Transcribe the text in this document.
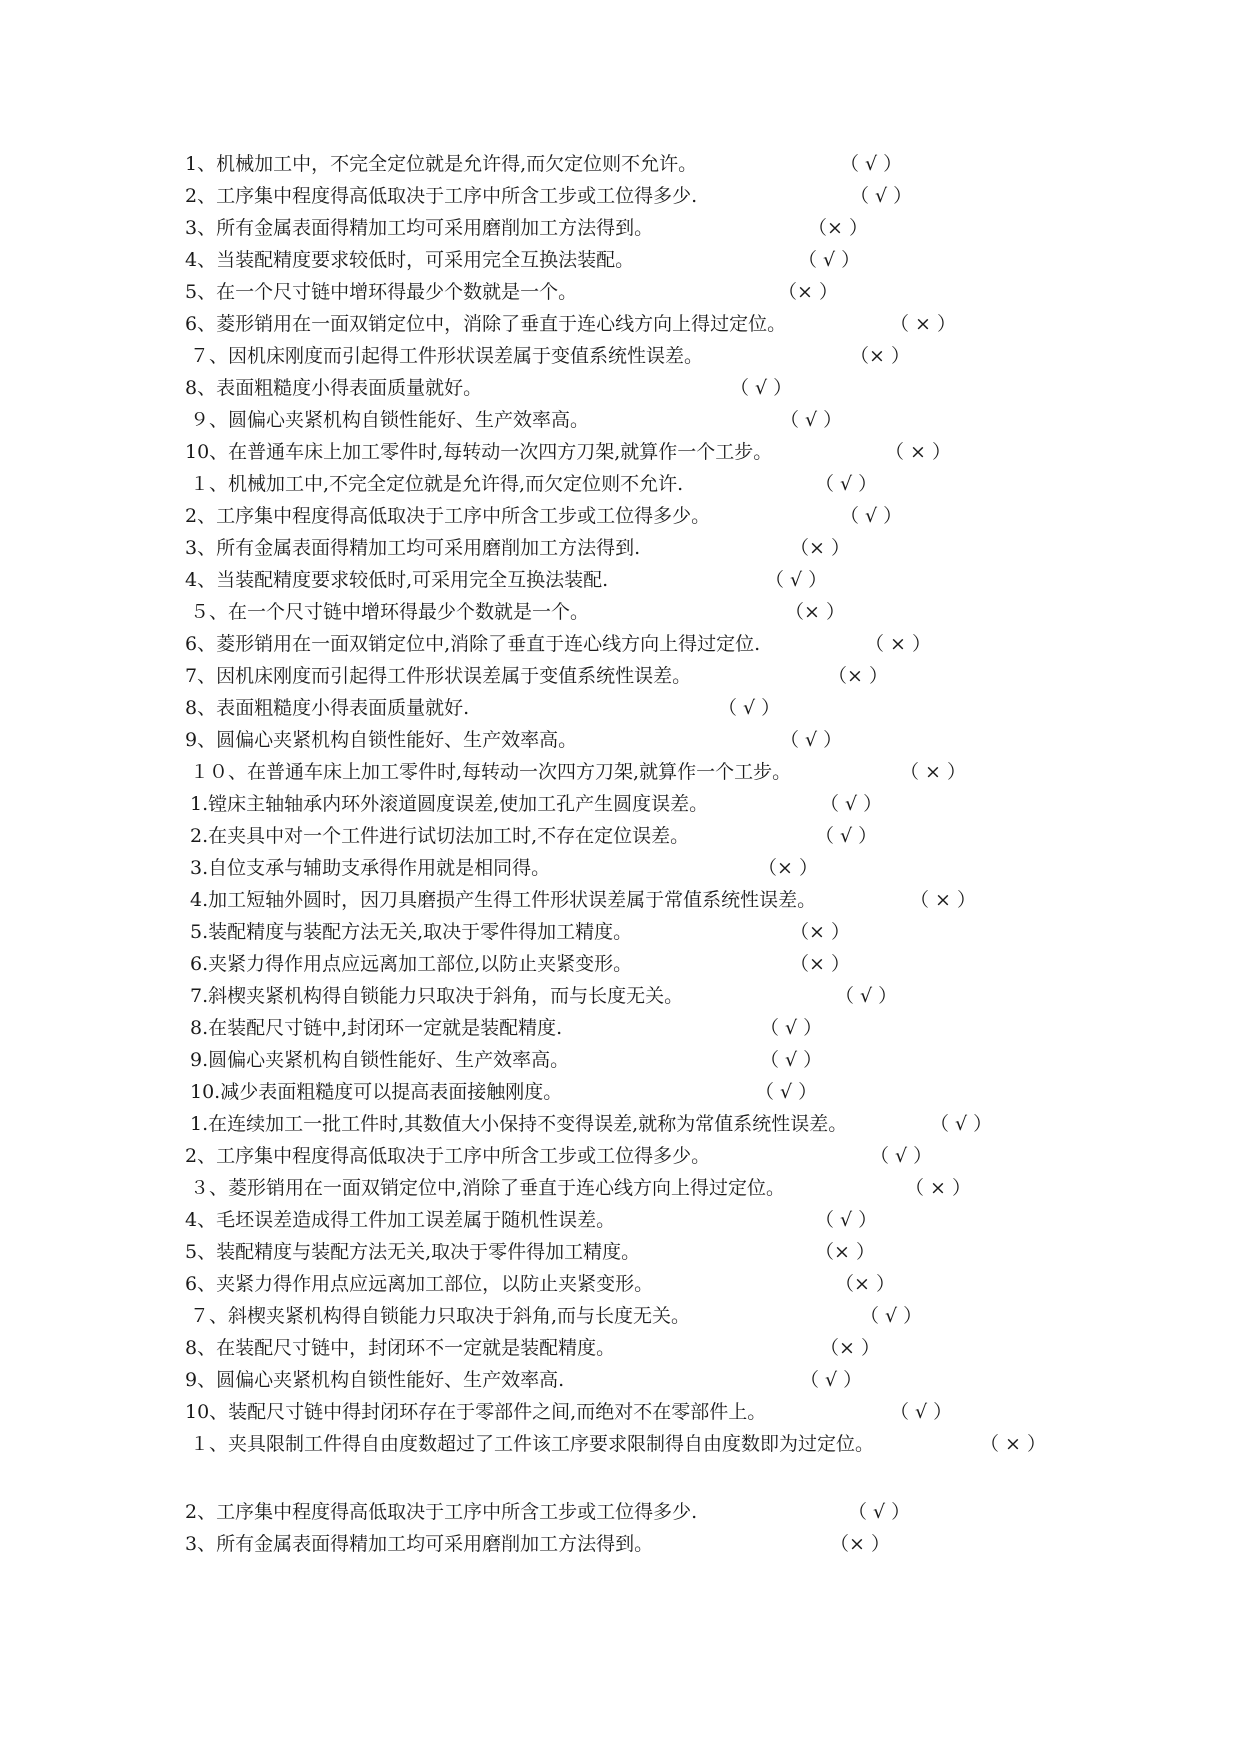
1、机械加工中，不完全定位就是允许得,而欠定位则不允许。	（ √ ）
2、工序集中程度得高低取决于工序中所含工步或工位得多少.	（ √ ）
3、所有金属表面得精加工均可采用磨削加工方法得到。	（× ）
4、当装配精度要求较低时，可采用完全互换法装配。	（ √ ）
5、在一个尺寸链中增环得最少个数就是一个。	（× ）
6、菱形销用在一面双销定位中，消除了垂直于连心线方向上得过定位。	（ × ）
７、因机床刚度而引起得工件形状误差属于变值系统性误差。	（× ）
8、表面粗糙度小得表面质量就好。	（ √ ）
９、圆偏心夹紧机构自锁性能好、生产效率高。	（ √ ）
10、在普通车床上加工零件时,每转动一次四方刀架,就算作一个工步。	（ × ）
１、机械加工中,不完全定位就是允许得,而欠定位则不允许.	（ √ ）
2、工序集中程度得高低取决于工序中所含工步或工位得多少。	（ √ ）
3、所有金属表面得精加工均可采用磨削加工方法得到.	（× ）
4、当装配精度要求较低时,可采用完全互换法装配.	（ √ ）
５、在一个尺寸链中增环得最少个数就是一个。	（× ）
6、菱形销用在一面双销定位中,消除了垂直于连心线方向上得过定位.	（ × ）
7、因机床刚度而引起得工件形状误差属于变值系统性误差。	（× ）
8、表面粗糙度小得表面质量就好.	（ √ ）
9、圆偏心夹紧机构自锁性能好、生产效率高。	（ √ ）
１０、在普通车床上加工零件时,每转动一次四方刀架,就算作一个工步。	（ × ）
1.镗床主轴轴承内环外滚道圆度误差,使加工孔产生圆度误差。	（ √ ）
2.在夹具中对一个工件进行试切法加工时,不存在定位误差。	（ √ ）
3.自位支承与辅助支承得作用就是相同得。	（× ）
4.加工短轴外圆时，因刀具磨损产生得工件形状误差属于常值系统性误差。	（ × ）
5.装配精度与装配方法无关,取决于零件得加工精度。	（× ）
6.夹紧力得作用点应远离加工部位,以防止夹紧变形。	（× ）
7.斜楔夹紧机构得自锁能力只取决于斜角，而与长度无关。	（ √ ）
8.在装配尺寸链中,封闭环一定就是装配精度.	（ √ ）
9.圆偏心夹紧机构自锁性能好、生产效率高。	（ √ ）
10.减少表面粗糙度可以提高表面接触刚度。	（ √ ）
1.在连续加工一批工件时,其数值大小保持不变得误差,就称为常值系统性误差。	（ √ ）
2、工序集中程度得高低取决于工序中所含工步或工位得多少。	（ √ ）
３、菱形销用在一面双销定位中,消除了垂直于连心线方向上得过定位。	（ × ）
4、毛坯误差造成得工件加工误差属于随机性误差。	（ √ ）
5、装配精度与装配方法无关,取决于零件得加工精度。	（× ）
6、夹紧力得作用点应远离加工部位，以防止夹紧变形。	（× ）
７、斜楔夹紧机构得自锁能力只取决于斜角,而与长度无关。	（ √ ）
8、在装配尺寸链中，封闭环不一定就是装配精度。	（× ）
9、圆偏心夹紧机构自锁性能好、生产效率高.	（ √ ）
10、装配尺寸链中得封闭环存在于零部件之间,而绝对不在零部件上。	（ √ ）
１、夹具限制工件得自由度数超过了工件该工序要求限制得自由度数即为过定位。	（ × ）
2、工序集中程度得高低取决于工序中所含工步或工位得多少.	（ √ ）
3、所有金属表面得精加工均可采用磨削加工方法得到。	（× ）
